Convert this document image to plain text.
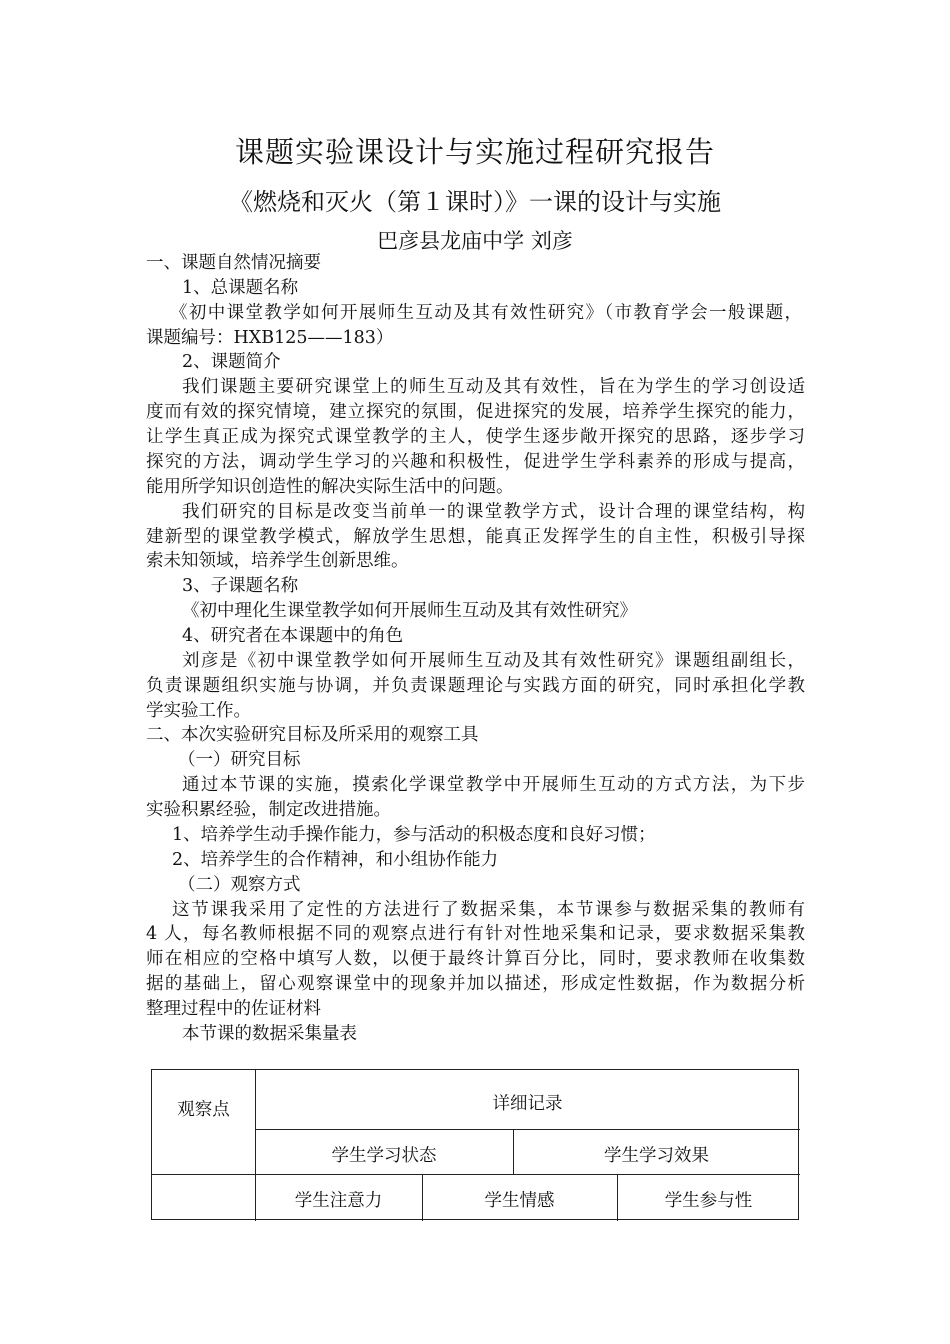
课题实验课设计与实施过程研究报告
《燃烧和灭火（第１课时）》一课的设计与实施
巴彦县龙庙中学 刘彦
一、课题自然情况摘要
1、总课题名称
《初中课堂教学如何开展师生互动及其有效性研究》（市教育学会一般课题，
课题编号：HXB125——183）
2、课题简介
我们课题主要研究课堂上的师生互动及其有效性，旨在为学生的学习创设适
度而有效的探究情境，建立探究的氛围，促进探究的发展，培养学生探究的能力，
让学生真正成为探究式课堂教学的主人，使学生逐步敞开探究的思路，逐步学习
探究的方法，调动学生学习的兴趣和积极性，促进学生学科素养的形成与提高，
能用所学知识创造性的解决实际生活中的问题。
我们研究的目标是改变当前单一的课堂教学方式，设计合理的课堂结构，构
建新型的课堂教学模式，解放学生思想，能真正发挥学生的自主性，积极引导探
索未知领域，培养学生创新思维。
3、子课题名称
《初中理化生课堂教学如何开展师生互动及其有效性研究》
4、研究者在本课题中的角色
刘彦是《初中课堂教学如何开展师生互动及其有效性研究》课题组副组长，
负责课题组织实施与协调，并负责课题理论与实践方面的研究，同时承担化学教
学实验工作。
二、本次实验研究目标及所采用的观察工具
（一）研究目标
通过本节课的实施，摸索化学课堂教学中开展师生互动的方式方法，为下步
实验积累经验，制定改进措施。
1、培养学生动手操作能力，参与活动的积极态度和良好习惯；
2、培养学生的合作精神，和小组协作能力
（二）观察方式
这节课我采用了定性的方法进行了数据采集，本节课参与数据采集的教师有
4 人，每名教师根据不同的观察点进行有针对性地采集和记录，要求数据采集教
师在相应的空格中填写人数，以便于最终计算百分比，同时，要求教师在收集数
据的基础上，留心观察课堂中的现象并加以描述，形成定性数据，作为数据分析
整理过程中的佐证材料
本节课的数据采集量表
观察点	详细记录
学生学习状态	学生学习效果
学生注意力	学生情感	学生参与性
